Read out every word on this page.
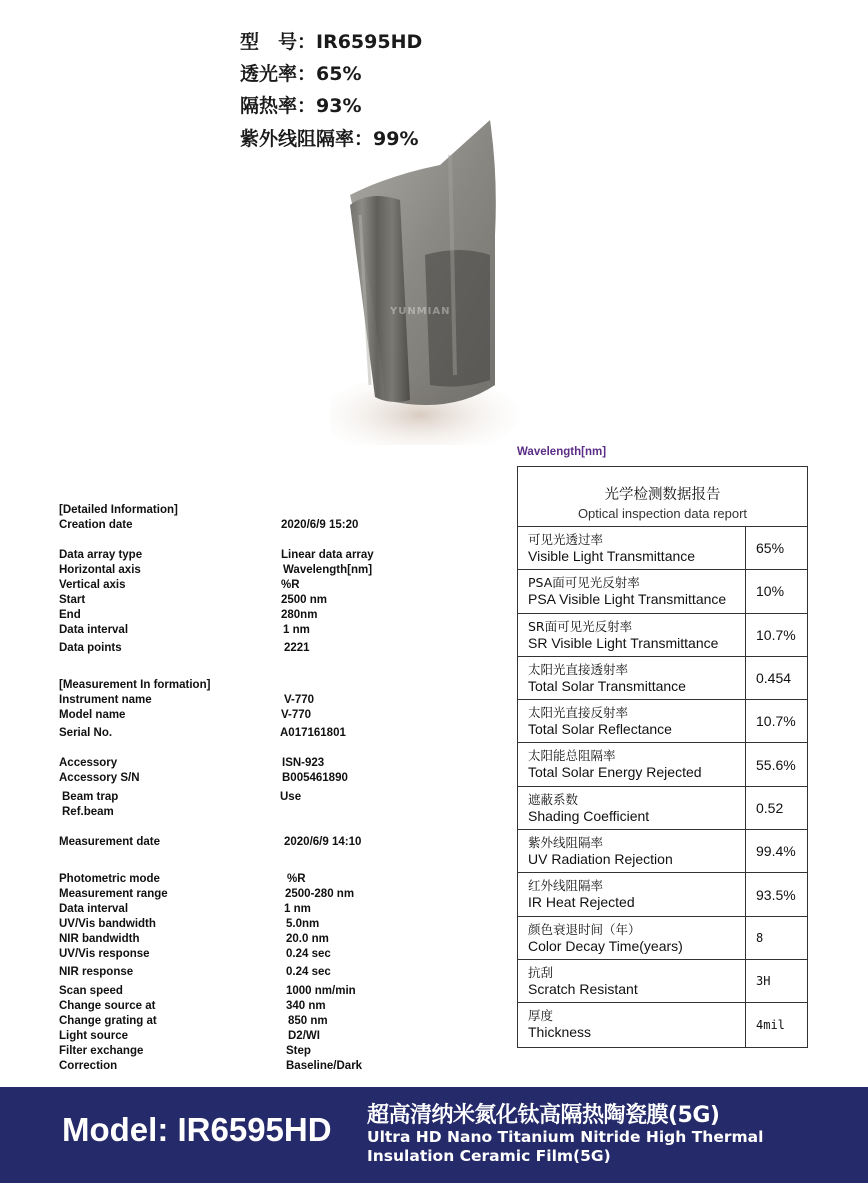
型　号：IR6595HD
透光率：65%
隔热率：93%
紫外线阻隔率：99%
YUNMIAN
Wavelength[nm]
[Detailed Information]
Creation date	2020/6/9 15:20
Data array type	Linear data array
Horizontal axis	Wavelength[nm]
Vertical axis	%R
Start	2500 nm
End	280nm
Data interval	1 nm
Data points	2221
[Measurement In formation]
Instrument name	V-770
Model name	V-770
Serial No.	A017161801
Accessory	ISN-923
Accessory S/N	B005461890
Beam trap	Use
Ref.beam
Measurement date	2020/6/9 14:10
Photometric mode	%R
Measurement range	2500-280 nm
Data interval	1 nm
UV/Vis bandwidth	5.0nm
NIR bandwidth	20.0 nm
UV/Vis response	0.24 sec
NIR response	0.24 sec
Scan speed	1000 nm/min
Change source at	340 nm
Change grating at	850 nm
Light source	D2/WI
Filter exchange	Step
Correction	Baseline/Dark
光学检测数据报告
Optical inspection data report
可见光透过率
Visible Light Transmittance	65%
PSA面可见光反射率
PSA Visible Light Transmittance	10%
SR面可见光反射率
SR Visible Light Transmittance	10.7%
太阳光直接透射率
Total Solar Transmittance	0.454
太阳光直接反射率
Total Solar Reflectance	10.7%
太阳能总阻隔率
Total Solar Energy Rejected	55.6%
遮蔽系数
Shading Coefficient	0.52
紫外线阻隔率
UV Radiation Rejection	99.4%
红外线阻隔率
IR Heat Rejected	93.5%
颜色衰退时间（年）
Color Decay Time(years)	8
抗刮
Scratch Resistant	3H
厚度
Thickness	4mil
Model: IR6595HD 超高清纳米氮化钛高隔热陶瓷膜(5G)
Ultra HD Nano Titanium Nitride High Thermal Insulation Ceramic Film(5G)
